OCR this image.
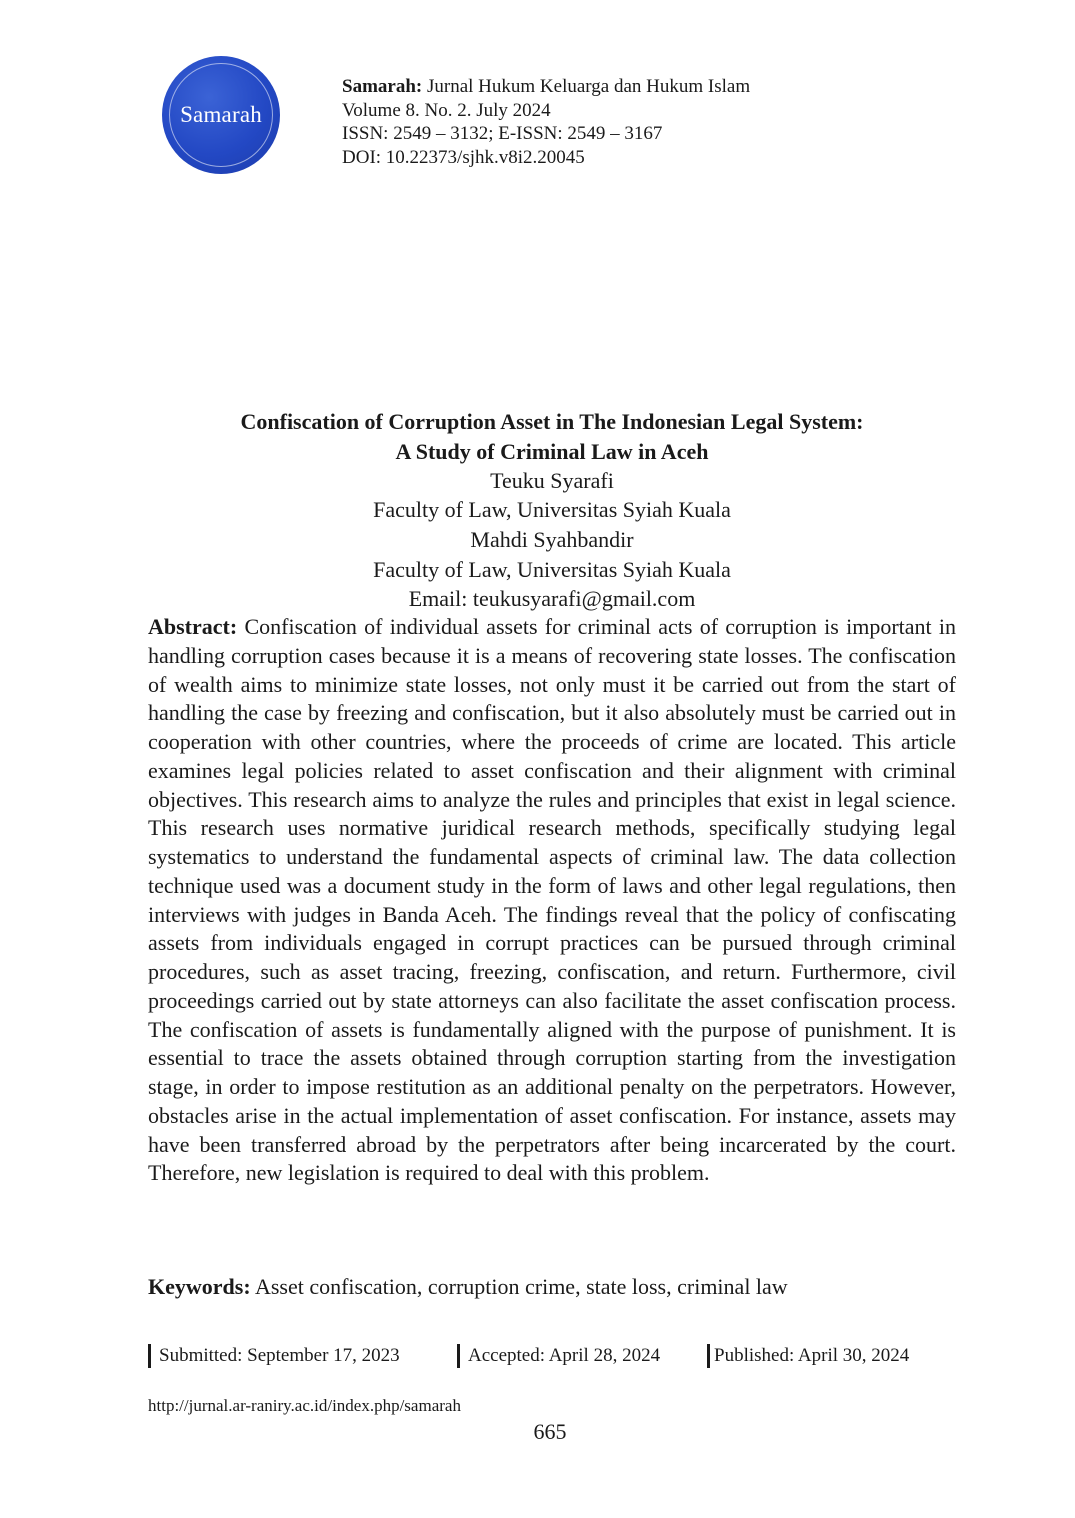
Samarah
Samarah: Jurnal Hukum Keluarga dan Hukum Islam
Volume 8. No. 2. July 2024
ISSN: 2549 – 3132; E-ISSN: 2549 – 3167
DOI: 10.22373/sjhk.v8i2.20045
Confiscation of Corruption Asset in The Indonesian Legal System:
A Study of Criminal Law in Aceh
Teuku Syarafi
Faculty of Law, Universitas Syiah Kuala
Mahdi Syahbandir
Faculty of Law, Universitas Syiah Kuala
Email: teukusyarafi@gmail.com

Abstract: Confiscation of individual assets for criminal acts of corruption is important in handling corruption cases because it is a means of recovering state losses. The confiscation of wealth aims to minimize state losses, not only must it be carried out from the start of handling the case by freezing and confiscation, but it also absolutely must be carried out in cooperation with other countries, where the proceeds of crime are located. This article examines legal policies related to asset confiscation and their alignment with criminal objectives. This research aims to analyze the rules and principles that exist in legal science. This research uses normative juridical research methods, specifically studying legal systematics to understand the fundamental aspects of criminal law. The data collection technique used was a document study in the form of laws and other legal regulations, then interviews with judges in Banda Aceh. The findings reveal that the policy of confiscating assets from individuals engaged in corrupt practices can be pursued through criminal procedures, such as asset tracing, freezing, confiscation, and return. Furthermore, civil proceedings carried out by state attorneys can also facilitate the asset confiscation process. The confiscation of assets is fundamentally aligned with the purpose of punishment. It is essential to trace the assets obtained through corruption starting from the investigation stage, in order to impose restitution as an additional penalty on the perpetrators. However, obstacles arise in the actual implementation of asset confiscation. For instance, assets may have been transferred abroad by the perpetrators after being incarcerated by the court. Therefore, new legislation is required to deal with this problem.

Keywords: Asset confiscation, corruption crime, state loss, criminal law
Submitted : September 17, 2023	Accepted : April 28, 2024	Published : April 30, 2024
http://jurnal.ar-raniry.ac.id/index.php/samarah
665
